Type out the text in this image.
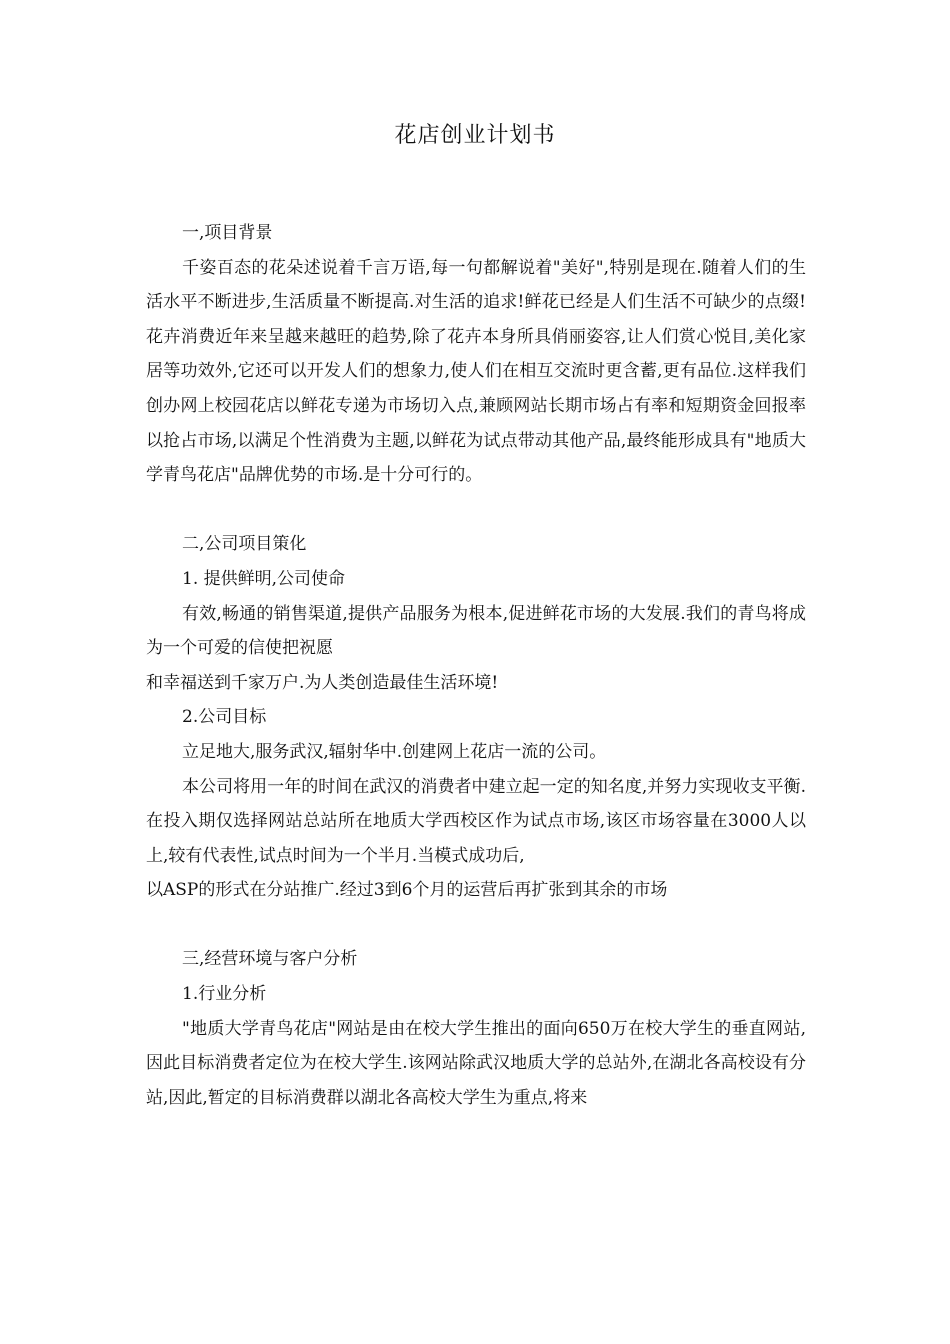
花店创业计划书

一,项目背景

千姿百态的花朵述说着千言万语,每一句都解说着"美好",特别是现在.随着人们的生活水平不断进步,生活质量不断提高.对生活的追求!鲜花已经是人们生活不可缺少的点缀!花卉消费近年来呈越来越旺的趋势,除了花卉本身所具俏丽姿容,让人们赏心悦目,美化家居等功效外,它还可以开发人们的想象力,使人们在相互交流时更含蓄,更有品位.这样我们创办网上校园花店以鲜花专递为市场切入点,兼顾网站长期市场占有率和短期资金回报率以抢占市场,以满足个性消费为主题,以鲜花为试点带动其他产品,最终能形成具有"地质大学青鸟花店"品牌优势的市场.是十分可行的。

二,公司项目策化

1. 提供鲜明,公司使命

有效,畅通的销售渠道,提供产品服务为根本,促进鲜花市场的大发展.我们的青鸟将成为一个可爱的信使把祝愿

和幸福送到千家万户.为人类创造最佳生活环境!

2.公司目标

立足地大,服务武汉,辐射华中.创建网上花店一流的公司。

本公司将用一年的时间在武汉的消费者中建立起一定的知名度,并努力实现收支平衡. 在投入期仅选择网站总站所在地质大学西校区作为试点市场,该区市场容量在3000人以上,较有代表性,试点时间为一个半月.当模式成功后,

以ASP的形式在分站推广.经过3到6个月的运营后再扩张到其余的市场

三,经营环境与客户分析

1.行业分析

"地质大学青鸟花店"网站是由在校大学生推出的面向650万在校大学生的垂直网站,因此目标消费者定位为在校大学生.该网站除武汉地质大学的总站外,在湖北各高校设有分站,因此,暂定的目标消费群以湖北各高校大学生为重点,将来
